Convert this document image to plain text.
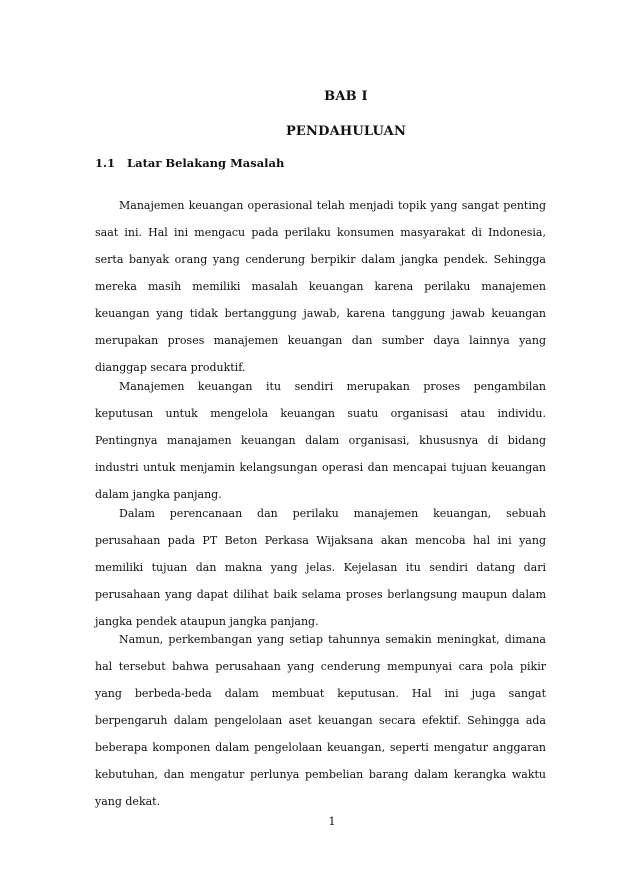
BAB I
PENDAHULUAN
1.1 Latar Belakang Masalah

Manajemen keuangan operasional telah menjadi topik yang sangat penting saat ini. Hal ini mengacu pada perilaku konsumen masyarakat di Indonesia, serta banyak orang yang cenderung berpikir dalam jangka pendek. Sehingga mereka masih memiliki masalah keuangan karena perilaku manajemen keuangan yang tidak bertanggung jawab, karena tanggung jawab keuangan merupakan proses manajemen keuangan dan sumber daya lainnya yang dianggap secara produktif.

Manajemen keuangan itu sendiri merupakan proses pengambilan keputusan untuk mengelola keuangan suatu organisasi atau individu. Pentingnya manajamen keuangan dalam organisasi, khususnya di bidang industri untuk menjamin kelangsungan operasi dan mencapai tujuan keuangan dalam jangka panjang.

Dalam perencanaan dan perilaku manajemen keuangan, sebuah perusahaan pada PT Beton Perkasa Wijaksana akan mencoba hal ini yang memiliki tujuan dan makna yang jelas. Kejelasan itu sendiri datang dari perusahaan yang dapat dilihat baik selama proses berlangsung maupun dalam jangka pendek ataupun jangka panjang.

Namun, perkembangan yang setiap tahunnya semakin meningkat, dimana hal tersebut bahwa perusahaan yang cenderung mempunyai cara pola pikir yang berbeda-beda dalam membuat keputusan. Hal ini juga sangat berpengaruh dalam pengelolaan aset keuangan secara efektif. Sehingga ada beberapa komponen dalam pengelolaan keuangan, seperti mengatur anggaran kebutuhan, dan mengatur perlunya pembelian barang dalam kerangka waktu yang dekat.

1
